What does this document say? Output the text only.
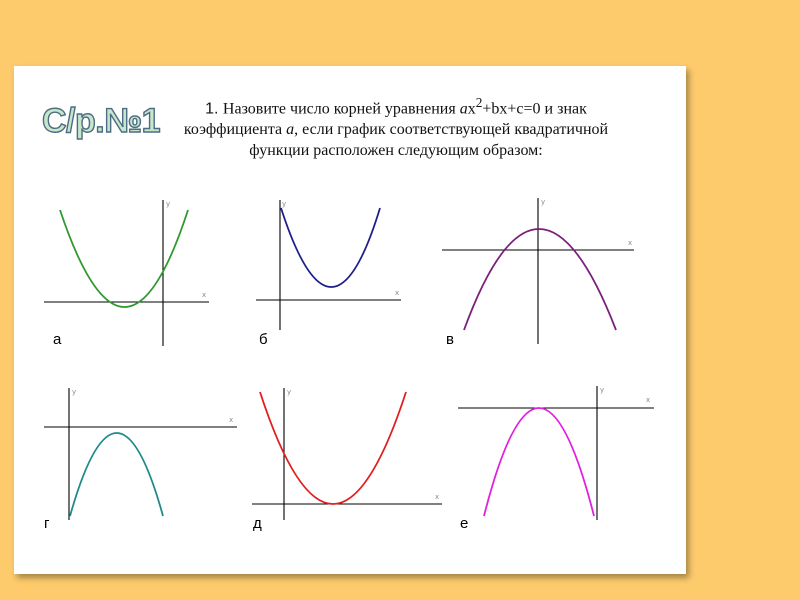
С/р.№1	1. Назовите число корней уравнения $ax^2+bx+c=0$ и знак
коэффициента a, если график соответствующей квадратичной
функции расположен следующим образом:
y
x
а
y
x
б
y
x
в
y
x
г
y
x
д
y
x
е
